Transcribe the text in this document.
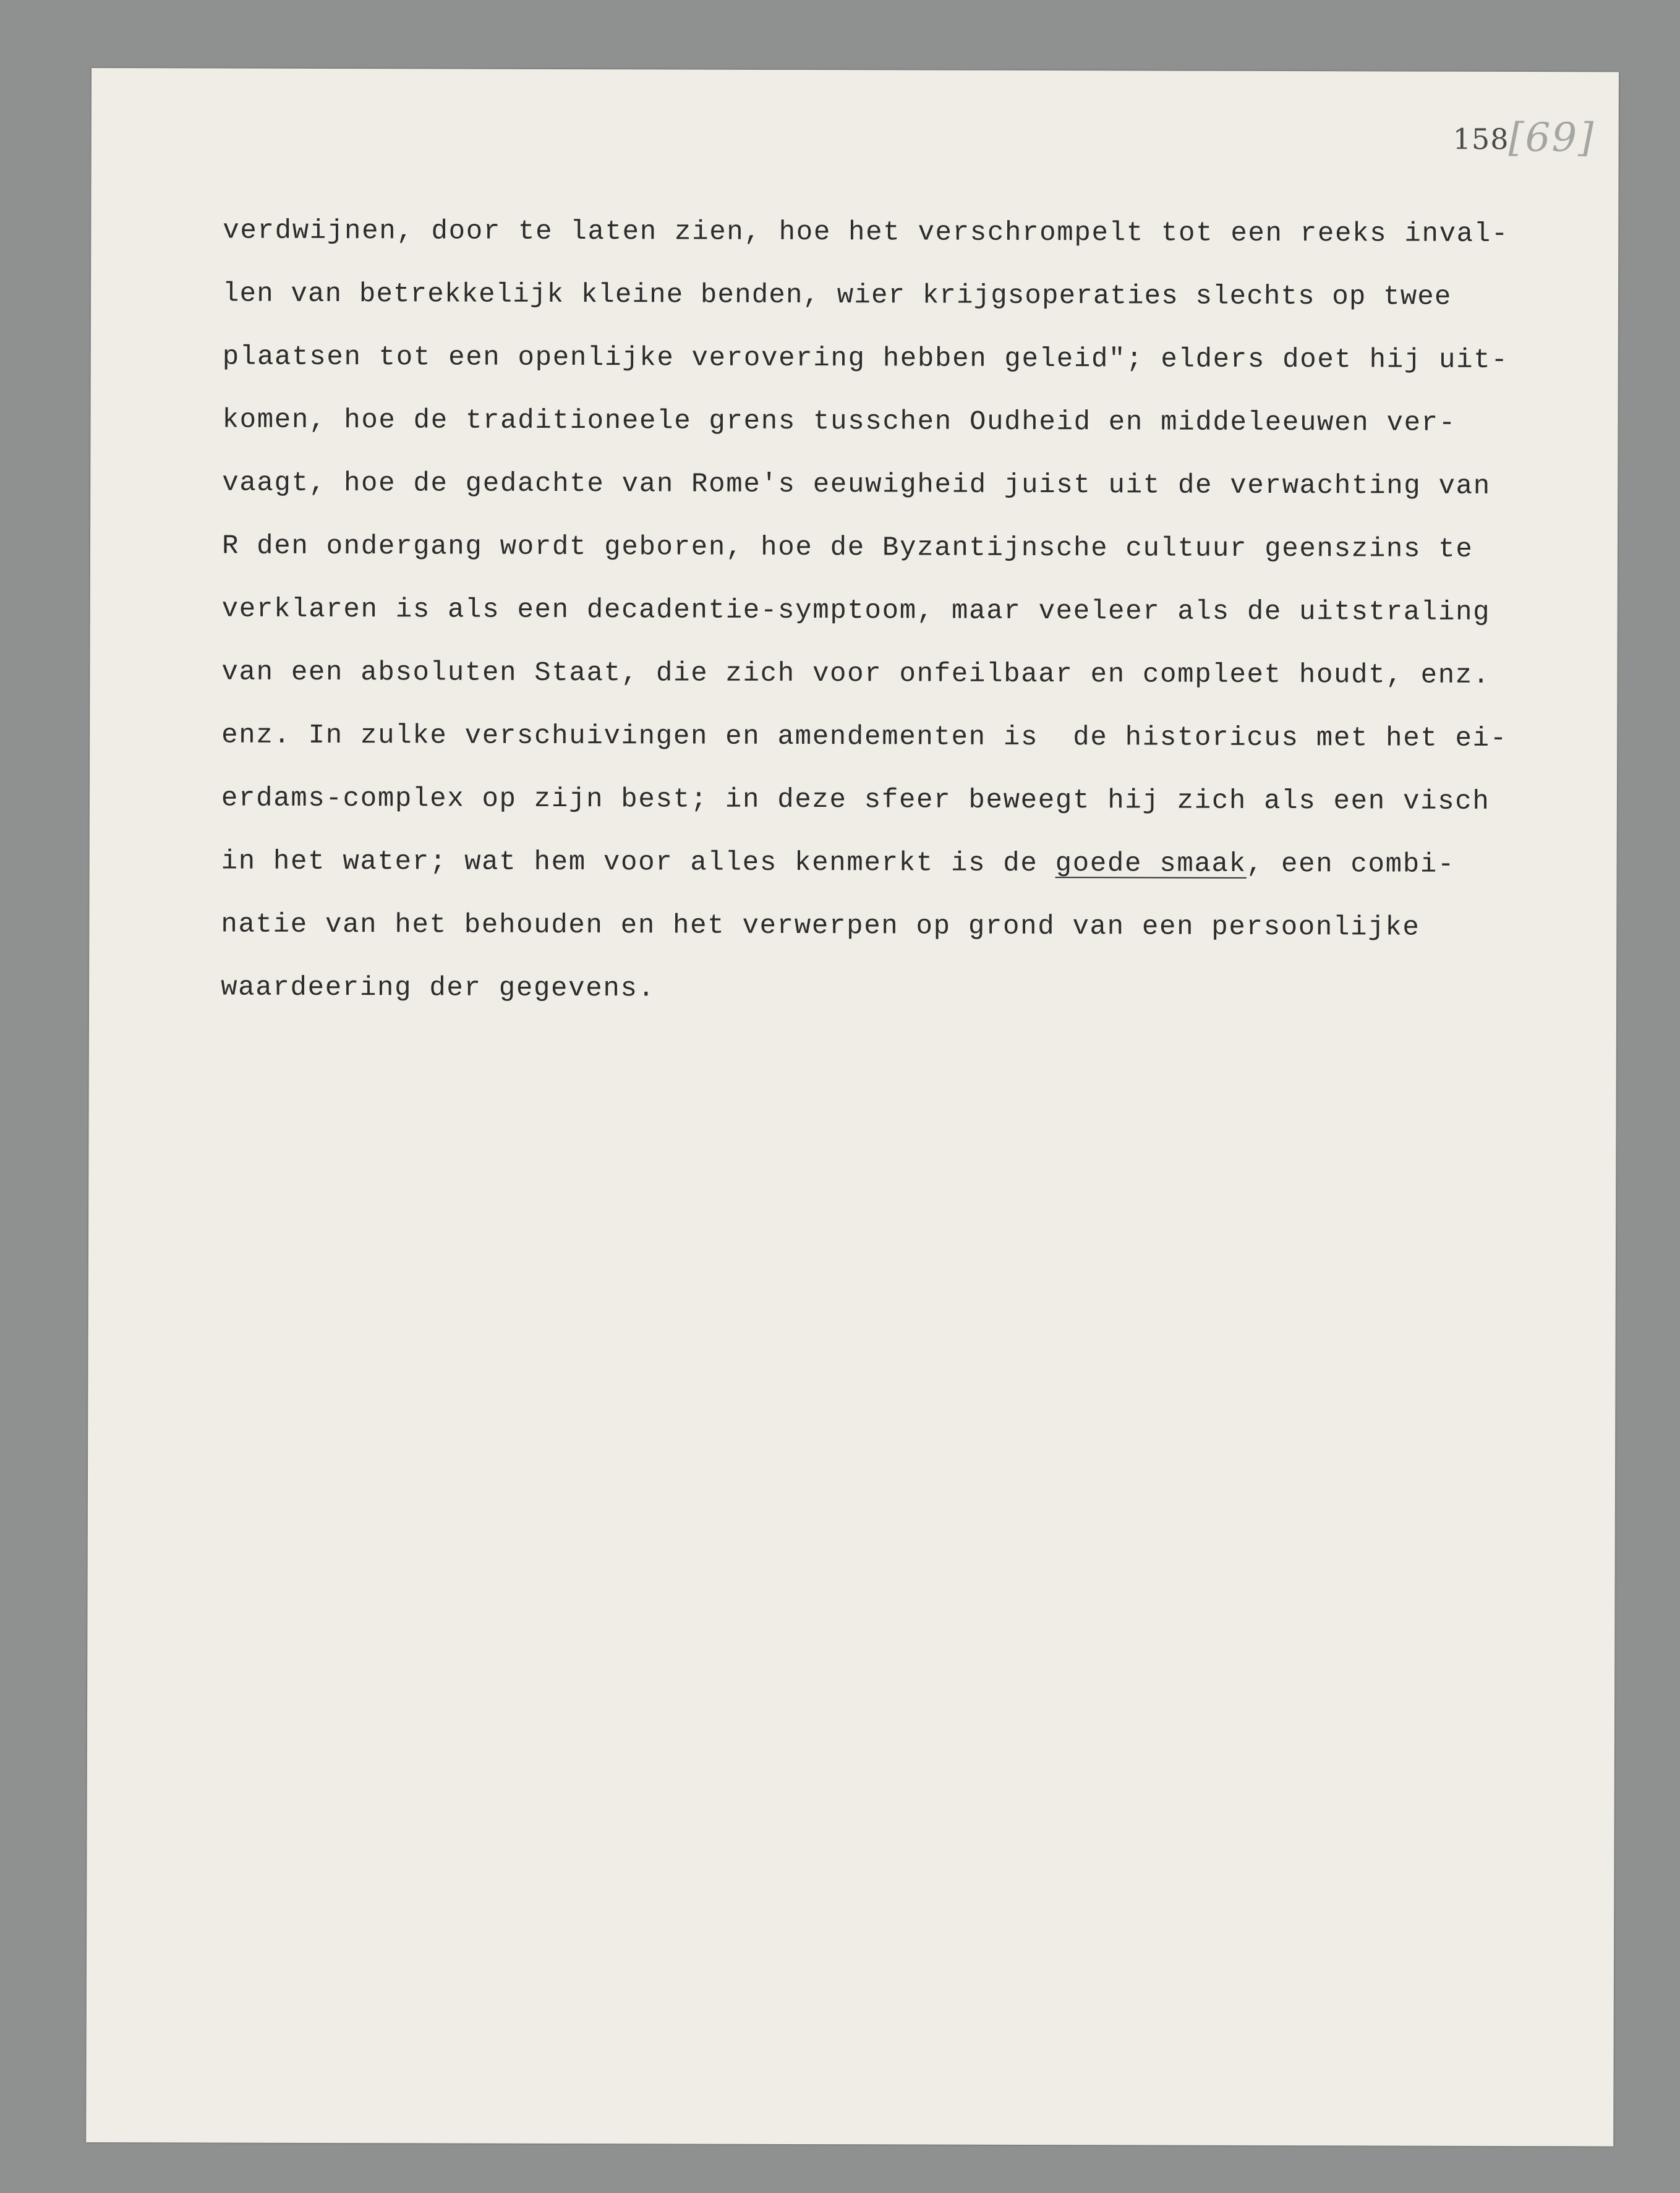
158 [69]
verdwijnen, door te laten zien, hoe het verschrompelt tot een reeks inval-
len van betrekkelijk kleine benden, wier krijgsoperaties slechts op twee
plaatsen tot een openlijke verovering hebben geleid"; elders doet hij uit-
komen, hoe de traditioneele grens tusschen Oudheid en middeleeuwen ver-
vaagt, hoe de gedachte van Rome's eeuwigheid juist uit de verwachting van
R den ondergang wordt geboren, hoe de Byzantijnsche cultuur geenszins te
verklaren is als een decadentie-symptoom, maar veeleer als de uitstraling
van een absoluten Staat, die zich voor onfeilbaar en compleet houdt, enz.
enz. In zulke verschuivingen en amendementen is  de historicus met het ei-
erdams-complex op zijn best; in deze sfeer beweegt hij zich als een visch
in het water; wat hem voor alles kenmerkt is de goede smaak, een combi-
natie van het behouden en het verwerpen op grond van een persoonlijke
waardeering der gegevens.
